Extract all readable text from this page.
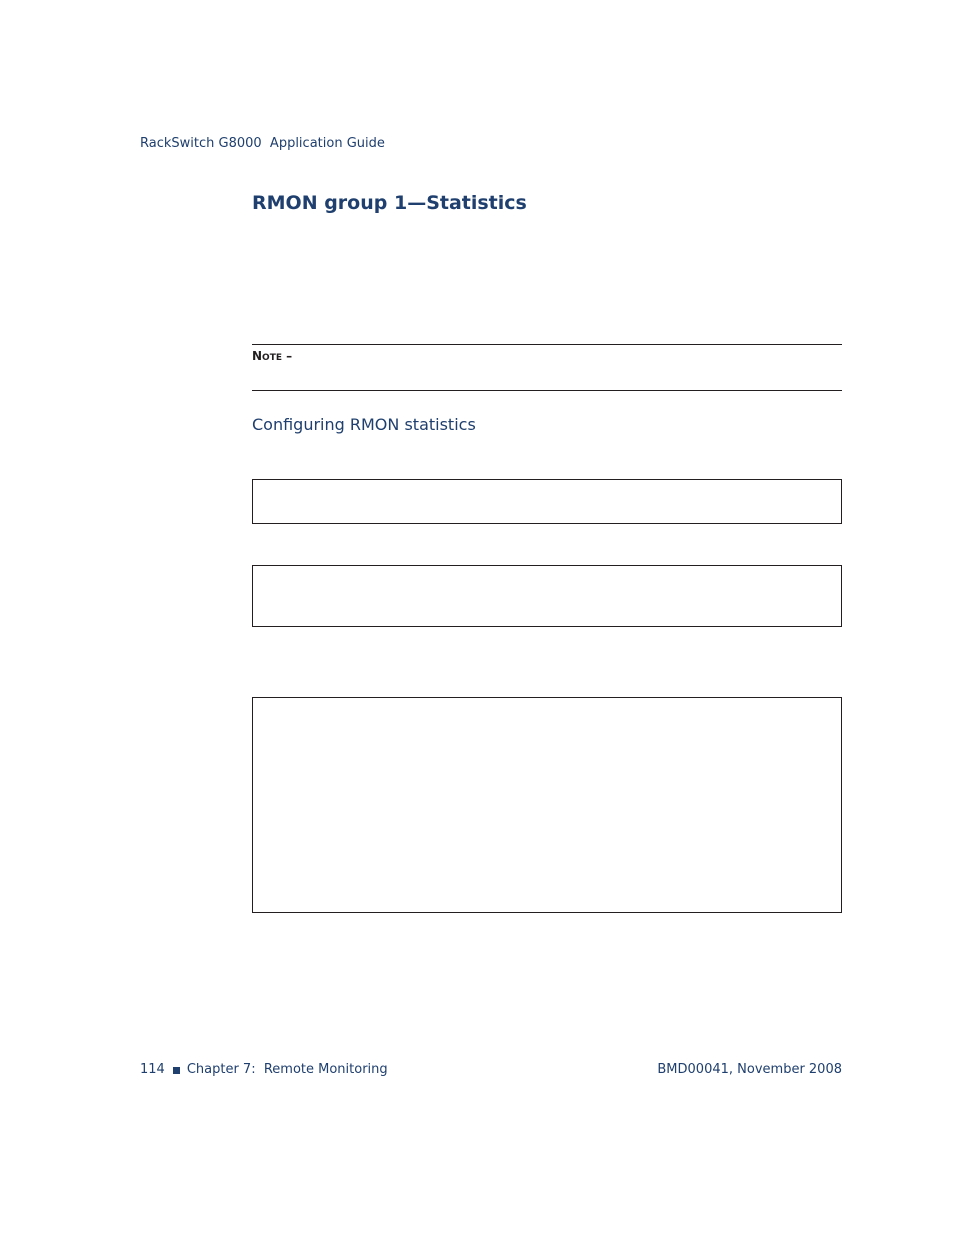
RackSwitch G8000  Application Guide
RMON group 1—Statistics
NOTE –
Configuring RMON statistics
114 Chapter 7:  Remote Monitoring	BMD00041, November 2008
